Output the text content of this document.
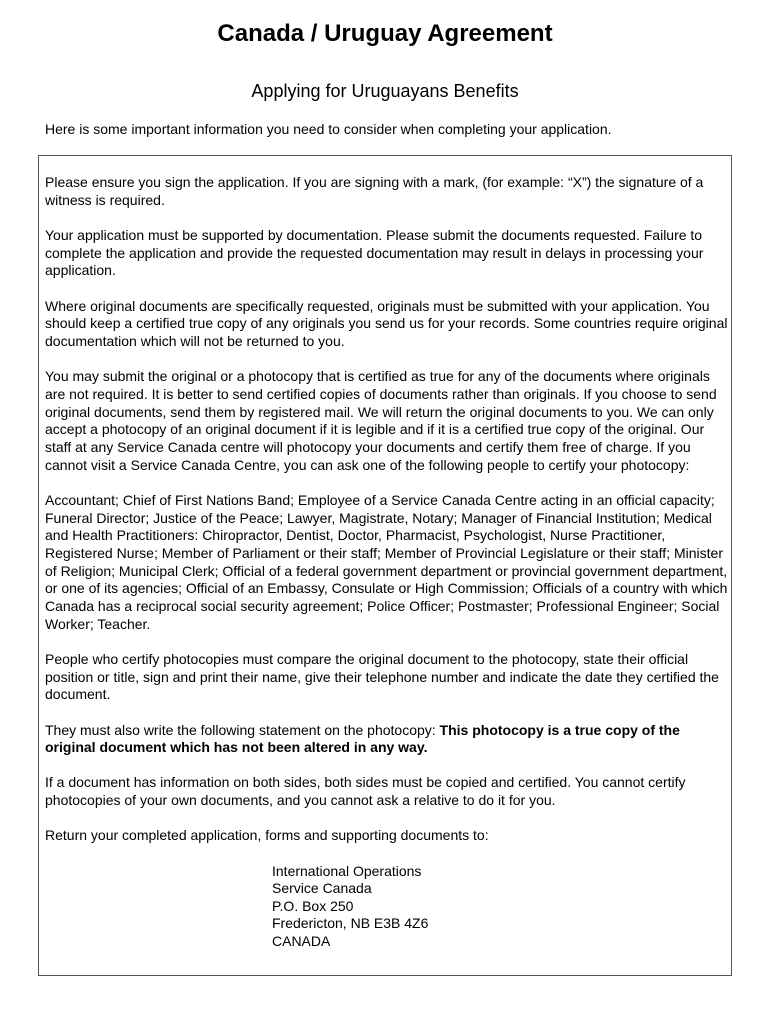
Canada / Uruguay Agreement
Applying for Uruguayans Benefits
Here is some important information you need to consider when completing your application.

Please ensure you sign the application. If you are signing with a mark, (for example: “X”) the signature of a witness is required.

Your application must be supported by documentation. Please submit the documents requested. Failure to complete the application and provide the requested documentation may result in delays in processing your application.

Where original documents are specifically requested, originals must be submitted with your application. You should keep a certified true copy of any originals you send us for your records. Some countries require original documentation which will not be returned to you.

You may submit the original or a photocopy that is certified as true for any of the documents where originals are not required. It is better to send certified copies of documents rather than originals. If you choose to send original documents, send them by registered mail. We will return the original documents to you. We can only accept a photocopy of an original document if it is legible and if it is a certified true copy of the original. Our staff at any Service Canada centre will photocopy your documents and certify them free of charge. If you cannot visit a Service Canada Centre, you can ask one of the following people to certify your photocopy:

Accountant; Chief of First Nations Band; Employee of a Service Canada Centre acting in an official capacity; Funeral Director; Justice of the Peace; Lawyer, Magistrate, Notary; Manager of Financial Institution; Medical and Health Practitioners: Chiropractor, Dentist, Doctor, Pharmacist, Psychologist, Nurse Practitioner, Registered Nurse; Member of Parliament or their staff; Member of Provincial Legislature or their staff; Minister of Religion; Municipal Clerk; Official of a federal government department or provincial government department, or one of its agencies; Official of an Embassy, Consulate or High Commission; Officials of a country with which Canada has a reciprocal social security agreement; Police Officer; Postmaster; Professional Engineer; Social Worker; Teacher.

People who certify photocopies must compare the original document to the photocopy, state their official position or title, sign and print their name, give their telephone number and indicate the date they certified the document.

They must also write the following statement on the photocopy: This photocopy is a true copy of the original document which has not been altered in any way.

If a document has information on both sides, both sides must be copied and certified. You cannot certify photocopies of your own documents, and you cannot ask a relative to do it for you.

Return your completed application, forms and supporting documents to:

International Operations
Service Canada
P.O. Box 250
Fredericton, NB E3B 4Z6
CANADA
